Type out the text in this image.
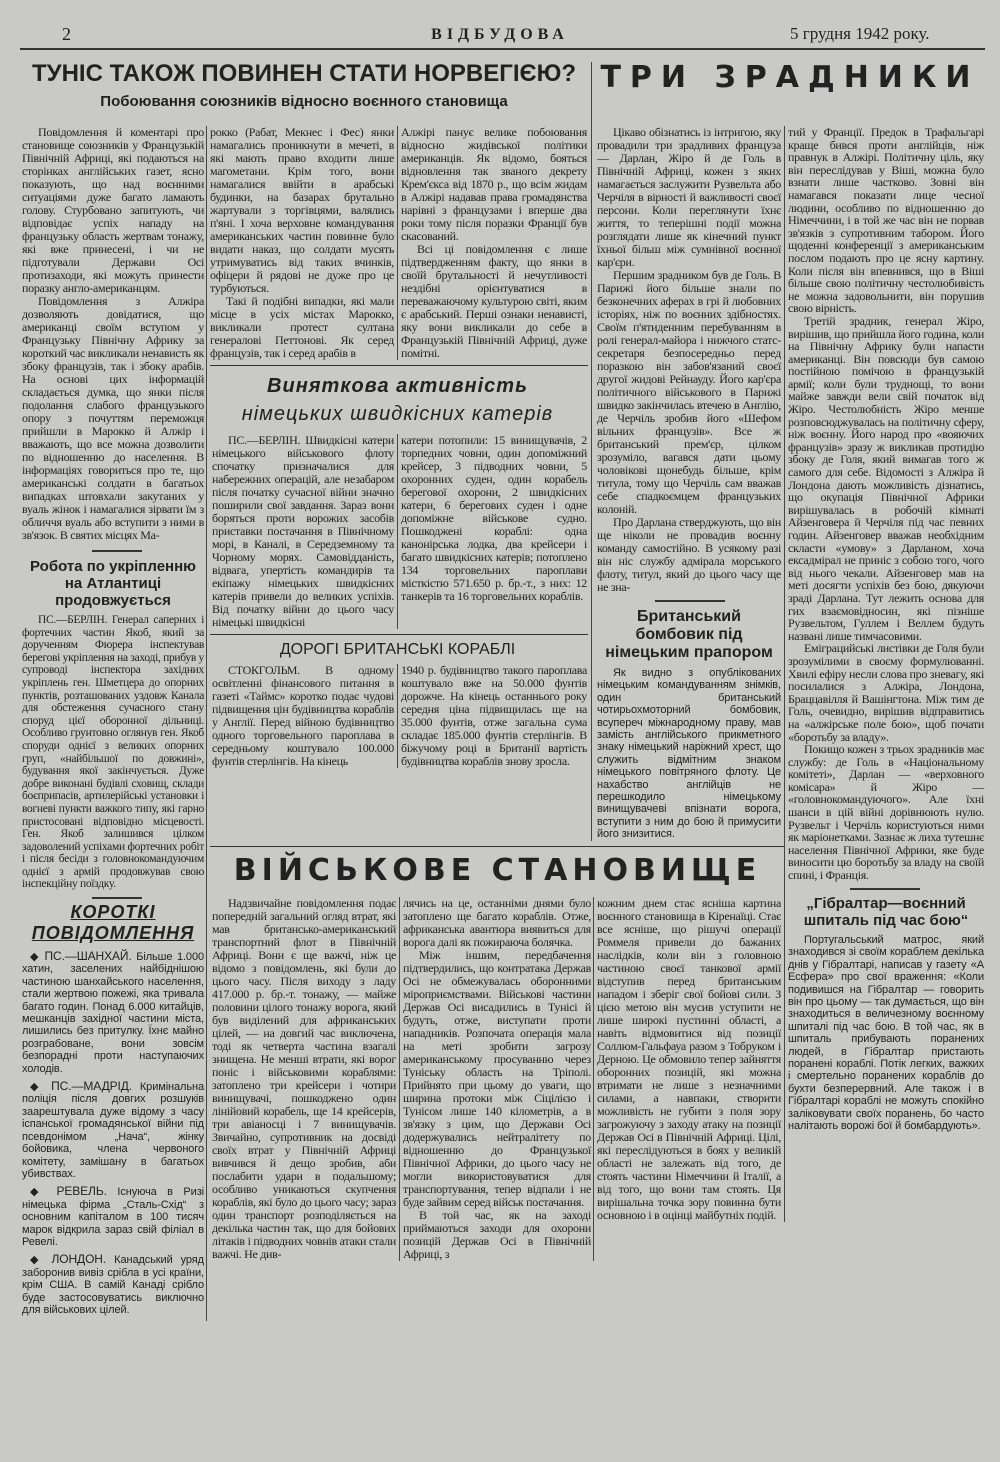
2	ВІДБУДОВА	5 грудня 1942 року.
ТУНІС ТАКОЖ ПОВИНЕН СТАТИ НОРВЕГІЄЮ?
Побоювання союзників відносно воєнного становища
ТРИ ЗРАДНИКИ

Повідомлення й коментарі про становище союзників у Французькій Північній Африці, які подаються на сторінках англійських газет, ясно показують, що над воєнними ситуаціями дуже багато ламають голову. Стурбовано запитують, чи відповідає успіх нападу на французьку область жертвам тонажу, які вже принесені, і чи не підготували Держави Осі протизаходи, які можуть принести поразку англо-американцям.

Повідомлення з Алжіра дозволяють довідатися, що американці своїм вступом у Французьку Північну Африку за короткий час викликали ненависть як збоку французів, так і збоку арабів. На основі цих інформацій складається думка, що янки після подолання слабого французького опору з почуттям переможця прийшли в Марокко й Алжір і вважають, що все можна дозволити по відношенню до населення. В інформаціях говориться про те, що американські солдати в багатьох випадках штовхали закутаних у вуаль жінок і намагалися зірвати їм з обличчя вуаль або вступити з ними в зв'язок. В святих місцях Ма-

Робота по укріпленню на Атлантиці продовжується

ПС.—БЕРЛІН. Генерал саперних і фортечних частин Якоб, який за дорученням Фюрера інспектував берегові укріплення на заході, прибув у супроводі інспектора західних укріплень ген. Шметцера до опорних пунктів, розташованих уздовж Канала для обстеження сучасного стану споруд цієї оборонної дільниці. Особливо грунтовно оглянув ген. Якоб споруди однієї з великих опорних груп, «найбільшої по довжині», будування якої закінчується. Дуже добре виконані будівлі сховищ, склади боєприпасів, артилерійські установки і вогневі пункти важкого типу, які гарно пристосовані відповідно місцевості. Ген. Якоб залишився цілком задоволений успіхами фортечних робіт і після бесіди з головнокомандуючим однієї з армій продовжував свою інспекційну поїздку.

КОРОТКІ
ПОВІДОМЛЕННЯ

◆ ПС.—ШАНХАЙ. Більше 1.000 хатин, заселених найбіднішою частиною шанхайського населення, стали жертвою пожежі, яка тривала багато годин. Понад 6.000 китайців, мешканців західної частини міста, лишились без притулку. Їхнє майно розграбоване, вони зовсім безпорадні проти наступаючих холодів.

◆ ПС.—МАДРІД. Кримінальна поліція після довгих розшуків заарештувала дуже відому з часу іспанської громадянської війни під псевдонімом „Нача“, жінку бойовика, члена червоного комітету, замішану в багатьох убивствах.

◆ РЕВЕЛЬ. Існуюча в Ризі німецька фірма „Сталь-Схід“ з основним капіталом в 100 тисяч марок відкрила зараз свій філіал в Ревелі.

◆ ЛОНДОН. Канадський уряд заборонив вивіз срібла в усі країни, крім США. В самій Канаді срібло буде застосовуватись виключно для військових цілей.

рокко (Рабат, Мекнес і Фес) янки намагались проникнути в мечеті, в які мають право входити лише магометани. Крім того, вони намагалися ввійти в арабські будинки, на базарах брутально жартували з торгівцями, валялись п'яні. І хоча верховне командування американських частин повинне було видати наказ, що солдати мусять утримуватись від таких вчинків, офіцери й рядові не дуже про це турбуються.

Такі й подібні випадки, які мали місце в усіх містах Марокко, викликали протест султана генералові Петтонові. Як серед французів, так і серед арабів в

Алжірі панує велике побоювання відносно жидівської політики американців. Як відомо, бояться відновлення так званого декрету Крем'єкса від 1870 р., що всім жидам в Алжірі надавав права громадянства нарівні з французами і вперше два роки тому після поразки Франції був скасований.

Всі ці повідомлення є лише підтвердженням факту, що янки в своїй брутальності й нечутливості нездібні орієнтуватися в переважаючому культурою світі, яким є арабський. Перші ознаки ненависті, яку вони викликали до себе в Французькій Північній Африці, дуже помітні.

Виняткова активність
німецьких швидкісних катерів

ПС.—БЕРЛІН. Швидкісні катери німецького військового флоту спочатку призначалися для набережних операцій, але незабаром після початку сучасної війни значно поширили свої завдання. Зараз вони боряться проти ворожих засобів приставки постачання в Північному морі, в Каналі, в Середземному та Чорному морях. Самовідданість, відвага, упертість командирів та екіпажу німецьких швидкісних катерів привели до великих успіхів. Від початку війни до цього часу німецькі швидкісні

катери потопили: 15 винищувачів, 2 торпедних човни, один допоміжний крейсер, 3 підводних човни, 5 охоронних суден, один корабель берегової охорони, 2 швидкісних катери, 6 берегових суден і одне допоміжне військове судно. Пошкоджені кораблі: одна канонірська лодка, два крейсери і багато швидкісних катерів; потоплено 134 торговельних пароплави місткістю 571.650 р. бр.-т., з них: 12 танкерів та 16 торговельних кораблів.

ДОРОГІ БРИТАНСЬКІ КОРАБЛІ

СТОКГОЛЬМ. В одному освітленні фінансового питання в газеті «Таймс» коротко подає чудові підвищення цін будівництва кораблів у Англії. Перед війною будівництво одного торговельного пароплава в середньому коштувало 100.000 фунтів стерлінгів. На кінець

1940 р. будівництво такого пароплава коштувало вже на 50.000 фунтів дорожче. На кінець останнього року середня ціна підвищилась ще на 35.000 фунтів, отже загальна сума складає 185.000 фунтів стерлінгів. В біжучому році в Британії вартість будівництва кораблів знову зросла.

Цікаво обізнатись із інтригою, яку провадили три зрадливих француза — Дарлан, Жіро й де Голь в Північній Африці, кожен з яких намагається заслужити Рузвельта або Черчіля в вірності й важливості своєї персони. Коли переглянути їхнє життя, то теперішні події можна розглядати лише як кінечний пункт їхньої більш між сумнівної воєнної кар'єри.

Першим зрадником був де Голь. В Парижі його більше знали по безконечних аферах в грі й любовних історіях, ніж по воєнних здібностях. Своїм п'ятиденним перебуванням в ролі генерал-майора і нижчого статс-секретаря безпосередньо перед поразкою він забов'язаний своєї другої жидові Рейнауду. Його кар'єра політичного військового в Парижі швидко закінчилась втечею в Англію, де Черчіль зробив його «Шефом вільних французів». Все ж британський прем'єр, цілком зрозуміло, вагався дати цьому чоловікові щонебудь більше, крім титула, тому що Черчіль сам вважав себе спадкоємцем французьких колоній.

Про Дарлана стверджують, що він ще ніколи не провадив воєнну команду самостійно. В усякому разі він ніс службу адмірала морського флоту, титул, який до цього часу ще не зна-

Британський бомбовик під німецьким прапором

Як видно з опублікованих німецьким командуванням знімків, один британський чотирьохмоторний бомбовик, всупереч міжнародному праву, мав замість англійського прикметного знаку німецький наріжний хрест, що служить відмітним знаком німецького повітряного флоту. Це нахабство англійців не перешкодило німецькому винищувачеві впізнати ворога, вступити з ним до бою й примусити його знизитися.

ВІЙСЬКОВЕ СТАНОВИЩЕ

Надзвичайне повідомлення подає попередній загальний огляд втрат, які мав британсько-американський транспортний флот в Північній Африці. Вони є ще важчі, ніж це відомо з повідомлень, які були до цього часу. Після виходу з ладу 417.000 р. бр.-т. тонажу, — майже половини цілого тонажу ворога, який був виділений для африканських цілей, — на довгий час виключена, тоді як четверта частина взагалі знищена. Не менші втрати, які ворог поніс і військовими кораблями: затоплено три крейсери і чотири винищувачі, пошкоджено один лінійовий корабель, ще 14 крейсерів, три авіаносці і 7 винищувачів. Звичайно, супротивник на досвіді своїх втрат у Північній Африці вивчився й дещо зробив, аби послабити удари в подальшому; особливо уникаються скупчення кораблів, які було до цього часу; зараз один транспорт розподіляється на декілька частин так, що для бойових літаків і підводних човнів атаки стали важчі. Не див-

лячись на це, останніми днями було затоплено ще багато кораблів. Отже, африканська авантюра виявиться для ворога далі як пожираюча болячка.

Між іншим, передбачення підтвердились, що контратака Держав Осі не обмежувалась оборонними міроприємствами. Військові частини Держав Осі висадились в Тунісі й будуть, отже, виступати проти нападників. Розпочата операція мала на меті зробити загрозу американському просуванню через Туніську область на Тріполі. Прийнято при цьому до уваги, що ширина протоки між Сіцілією і Тунісом лише 140 кілометрів, а в зв'язку з цим, що Держави Осі додержувались нейтралітету по відношенню до Французької Північної Африки, до цього часу не могли використовуватися для транспортування, тепер відпали і не буде зайвим серед військ постачання.

В той час, як на заході приймаються заходи для охорони позицій Держав Осі в Північній Африці, з

кожним днем стає ясніша картина воєнного становища в Кіренаїці. Стає все ясніше, що рішучі операції Роммеля привели до бажаних наслідків, коли він з головною частиною своєї танкової армії відступив перед британським нападом і зберіг свої бойові сили. З цією метою він мусив уступити не лише широкі пустинні області, а навіть відмовитися від позиції Соллюм-Гальфауа разом з Тобруком і Дерною. Це обмовило тепер зайняття оборонних позицій, які можна втримати не лише з незначними силами, а навпаки, створити можливість не губити з поля зору загрожуючу з заходу атаку на позиції Держав Осі в Північній Африці. Цілі, які переслідуються в боях у великій області не залежать від того, де стоять частини Німеччини й Італії, а від того, що вони там стоять. Ця вирішальна точка зору повинна бути основною і в оцінці майбутніх подій.

тий у Франції. Предок в Трафальгарі краще бився проти англійців, ніж правнук в Алжірі. Політичну ціль, яку він переслідував у Віші, можна було взнати лише частково. Зовні він намагався показати лице чесної людини, особливо по відношенню до Німеччини, і в той же час він не порвав зв'язків з супротивним табором. Його щоденні конференції з американським послом подають про це ясну картину. Коли після він впевнився, що в Віші більше свою політичну честолюбивість не можна задовольнити, він порушив свою вірність.

Третій зрадник, генерал Жіро, вирішив, що прийшла його година, коли на Північну Африку були напасти американці. Він повсюди був самою постійною помічою в французькій армії; коли були труднощі, то вони майже завжди вели свій початок від Жіро. Честолюбність Жіро менше розповсюджувалась на політичну сферу, ніж воєнну. Його народ про «вояючих французів» зразу ж викликав протидію збоку де Голя, який вимагав того ж самого для себе. Відомості з Алжіра й Лондона дають можливість дізнатись, що окупація Північної Африки вирішувалась в робочій кімнаті Айзенговера й Черчіля під час певних годин. Айзенговер вважав необхідним скласти «умову» з Дарланом, хоча ексадмірал не приніс з собою того, чого від нього чекали. Айзенговер мав на меті досягти успіхів без бою, дякуючи зраді Дарлана. Тут лежить основа для гих взаємовідносин, які пізніше Рузвельтом, Гуллем і Веллем будуть названі лише тимчасовими.

Еміграцийські листівки де Голя були зрозумілими в своєму формулюванні. Хвилі ефіру несли слова про зневагу, які посилалися з Алжіра, Лондона, Браццавілля й Вашінгтона. Між тим де Голь, очевидно, вирішив відправитись на «алжірське поле бою», щоб почати «боротьбу за владу».

Покищо кожен з трьох зрадників має службу: де Голь в «Національному комітеті», Дарлан — «верховного комісара» й Жіро — «головнокомандуючого». Але їхні шанси в цій війні дорівнюють нулю. Рузвельт і Черчіль користуються ними як маріонетками. Зазнає ж лиха тутешнє населення Північної Африки, яке буде виносити цю боротьбу за владу на своїй спині, і Франція.

„Гібралтар—воєнний шпиталь під час бою“

Португальський матрос, який знаходився зі своїм кораблем декілька днів у Гібралтарі, написав у газету «А Есфера» про свої враження: «Коли подивишся на Гібралтар — говорить він про цьому — так думається, що він знаходиться в величезному воєнному шпиталі під час бою. В той час, як в шпиталь прибувають поранених людей, в Гібралтар пристають поранені кораблі. Потік легких, важких і смертельно поранених кораблів до бухти безперервний. Але також і в Гібралтарі кораблі не можуть спокійно заліковувати своїх поранень, бо часто налітають ворожі бої й бомбардують».
